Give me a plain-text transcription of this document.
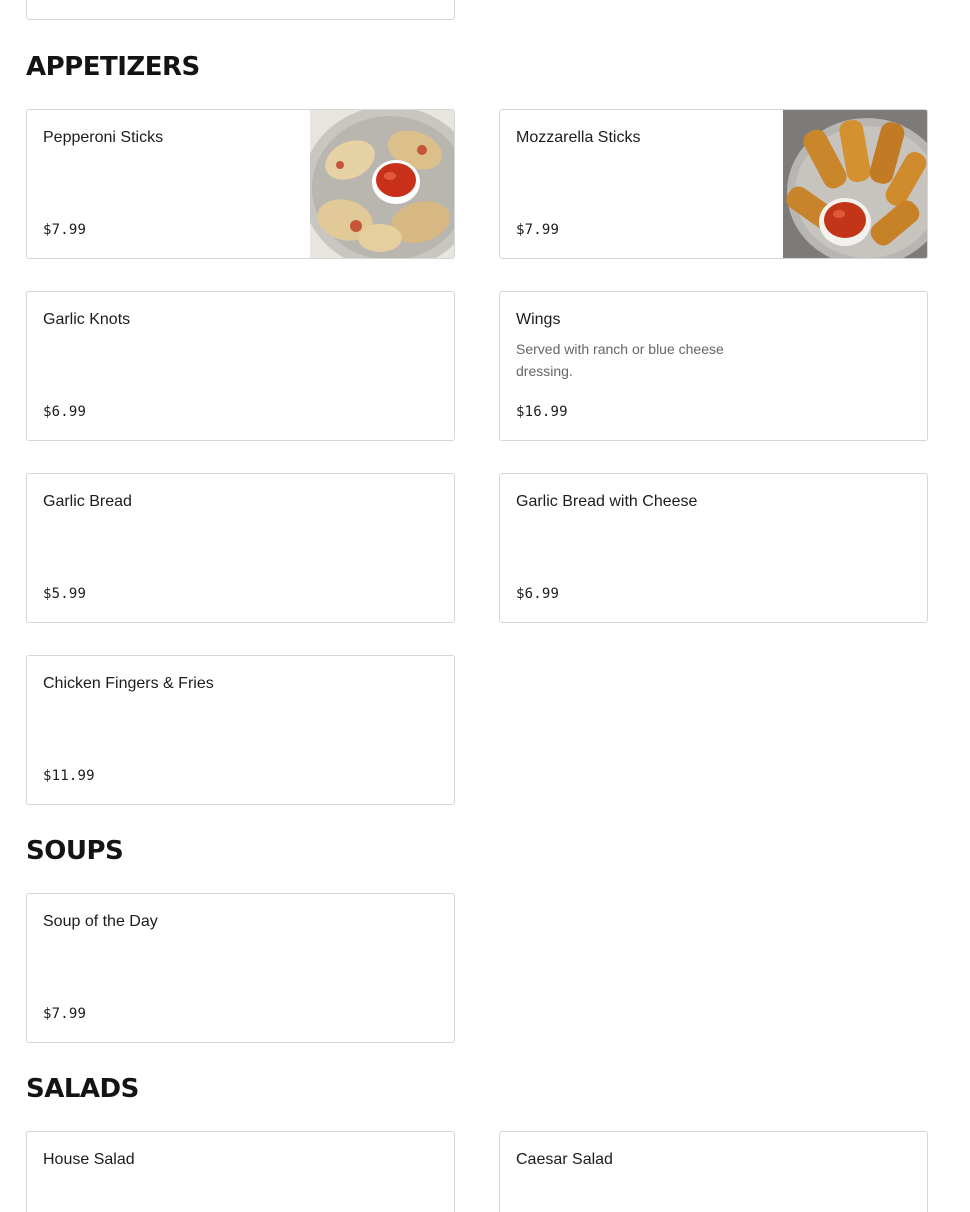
APPETIZERS
Pepperoni Sticks
$7.99
Mozzarella Sticks
$7.99
Garlic Knots
$6.99
Wings
Served with ranch or blue cheese dressing.
$16.99
Garlic Bread
$5.99
Garlic Bread with Cheese
$6.99
Chicken Fingers & Fries
$11.99
SOUPS
Soup of the Day
$7.99
SALADS
House Salad	Caesar Salad
